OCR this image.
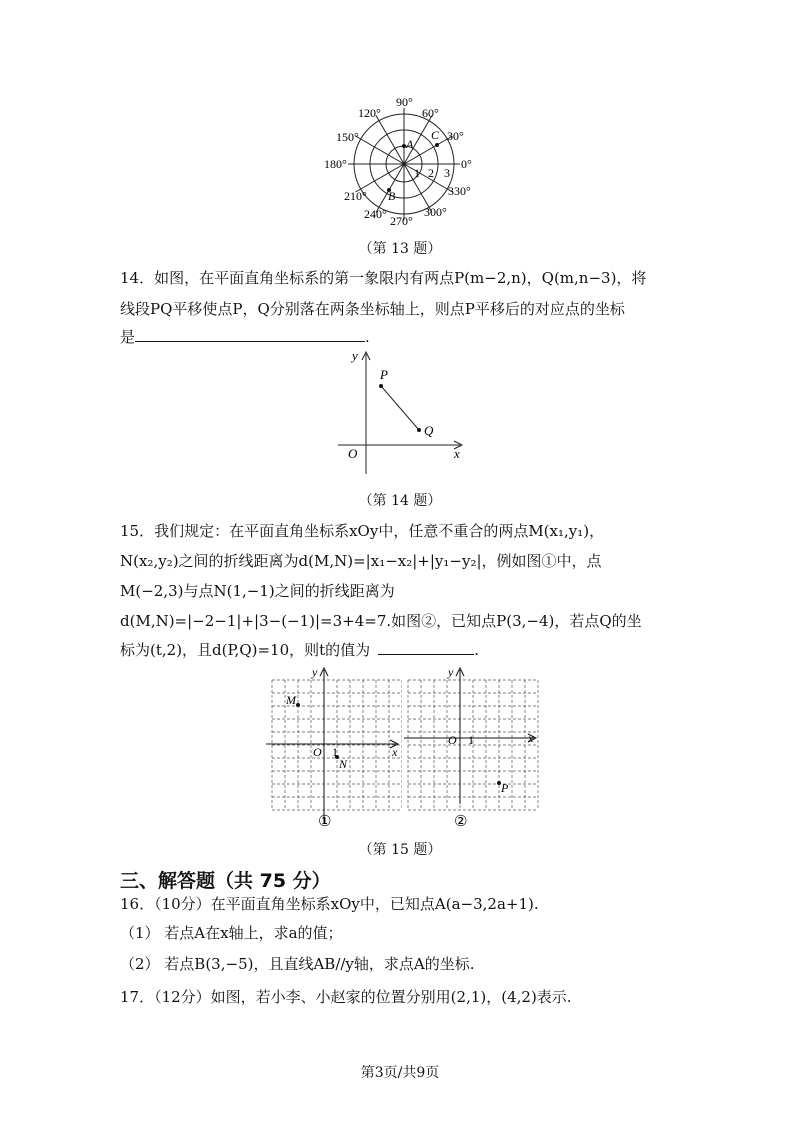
90°
60°
120°
150°	30°
180°	0°
210°	330°
240° 270°
300°
A
B
C
1 2 3
（第 13 题）
14．如图，在平面直角坐标系的第一象限内有两点P(m−2,n)，Q(m,n−3)，将
线段PQ平移使点P，Q分别落在两条坐标轴上，则点P平移后的对应点的坐标
是	.
y
x
O
P
Q
（第 14 题）
15．我们规定：在平面直角坐标系xOy中，任意不重合的两点M(x₁,y₁)，
N(x₂,y₂)之间的折线距离为d(M,N)=|x₁−x₂|+|y₁−y₂|，例如图①中，点
M(−2,3)与点N(1,−1)之间的折线距离为
d(M,N)=|−2−1|+|3−(−1)|=3+4=7.如图②，已知点P(3,−4)，若点Q的坐
标为(t,2)，且d(P,Q)=10，则t的值为	.
y
x
O 1
M
N
①
y
x
O 1
P
②
（第 15 题）
三、解答题（共 75 分）
16．（10分）在平面直角坐标系xOy中，已知点A(a−3,2a+1).
（1） 若点A在x轴上，求a的值；
（2） 若点B(3,−5)，且直线AB//y轴，求点A的坐标.
17．（12分）如图，若小李、小赵家的位置分别用(2,1)，(4,2)表示.
第3页/共9页
